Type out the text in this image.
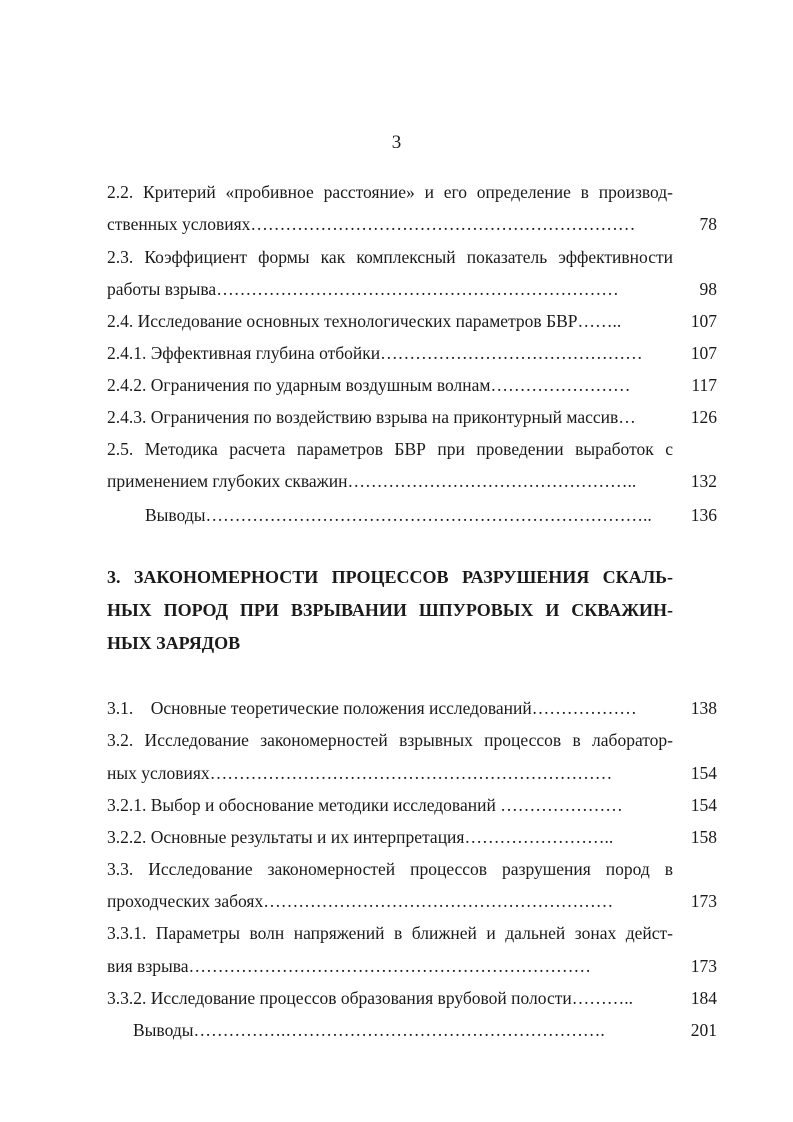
3
2.2. Критерий «пробивное расстояние» и его определение в производ-
ственных условиях…………………………………………………………	78
2.3. Коэффициент формы как комплексный показатель эффективности
работы взрыва……………………………………………………………	98
2.4. Исследование основных технологических параметров БВР……..	107
2.4.1. Эффективная глубина отбойки………………………………………	107
2.4.2. Ограничения по ударным воздушным волнам……………………	117
2.4.3. Ограничения по воздействию взрыва на приконтурный массив…	126
2.5. Методика расчета параметров БВР при проведении выработок с
применением глубоких скважин…………………………………………..	132
Выводы…………………………………………………………………..	136
3. ЗАКОНОМЕРНОСТИ ПРОЦЕССОВ РАЗРУШЕНИЯ СКАЛЬ-
НЫХ ПОРОД ПРИ ВЗРЫВАНИИ ШПУРОВЫХ И СКВАЖИН-
НЫХ ЗАРЯДОВ
3.1.    Основные теоретические положения исследований………………	138
3.2. Исследование закономерностей взрывных процессов в лаборатор-
ных условиях……………………………………………………………	154
3.2.1. Выбор и обоснование методики исследований …………………	154
3.2.2. Основные результаты и их интерпретация……………………..	158
3.3. Исследование закономерностей процессов разрушения пород в
проходческих забоях……………………………………………………	173
3.3.1. Параметры волн напряжений в ближней и дальней зонах дейст-
вия взрыва……………………………………………………………	173
3.3.2. Исследование процессов образования врубовой полости………..	184
Выводы…………….……………………………………………….	201
